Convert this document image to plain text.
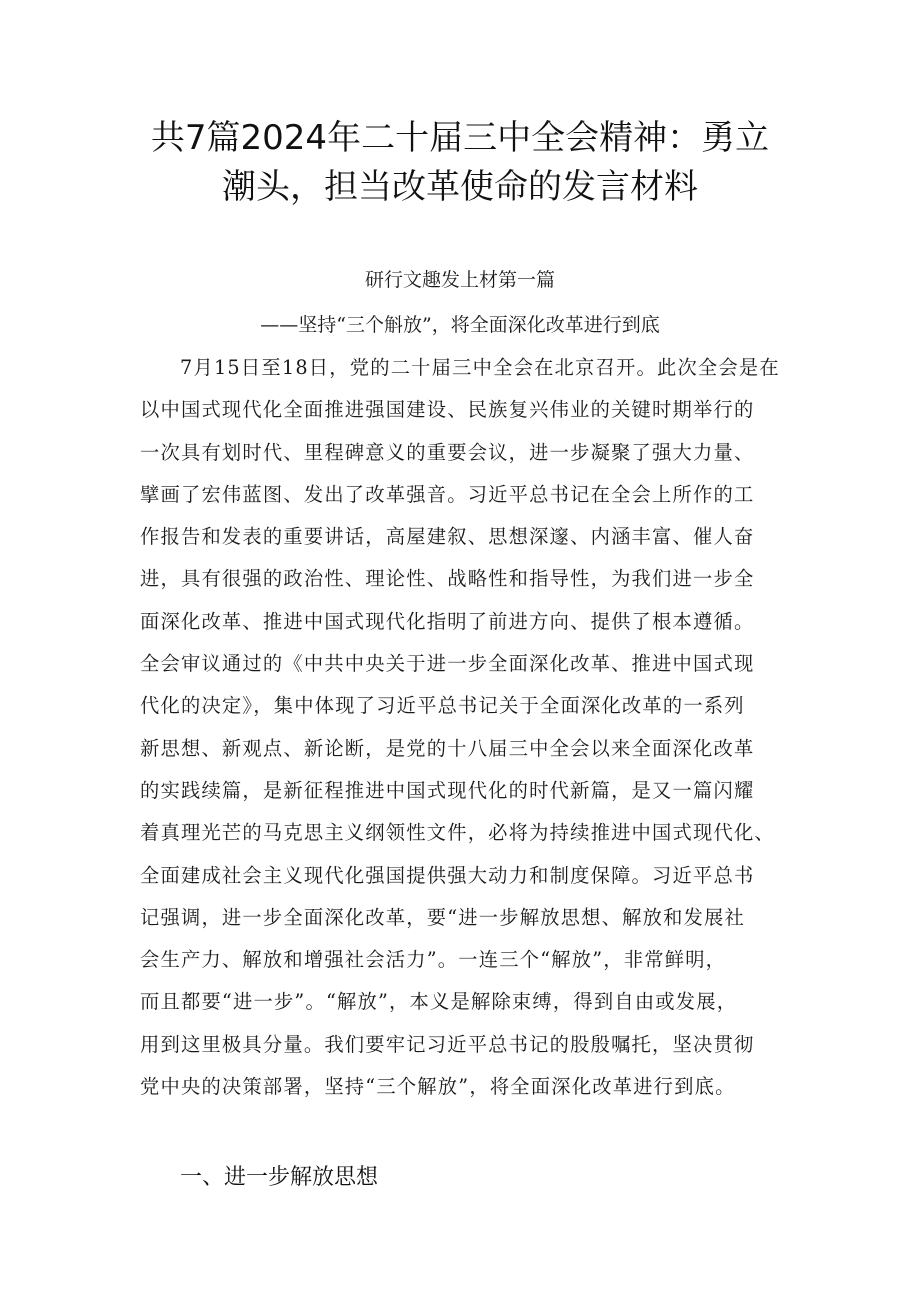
共7篇2024年二十届三中全会精神：勇立
潮头，担当改革使命的发言材料

研行文趣发上材第一篇

——坚持“三个斛放”，将全面深化改革进行到底

7月15日至18日，党的二十届三中全会在北京召开。此次全会是在
以中国式现代化全面推进强国建设、民族复兴伟业的关键时期举行的
一次具有划时代、里程碑意义的重要会议，进一步凝聚了强大力量、
擘画了宏伟蓝图、发出了改革强音。习近平总书记在全会上所作的工
作报告和发表的重要讲话，高屋建叙、思想深邃、内涵丰富、催人奋
进，具有很强的政治性、理论性、战略性和指导性，为我们进一步全
面深化改革、推进中国式现代化指明了前进方向、提供了根本遵循。
全会审议通过的《中共中央关于进一步全面深化改革、推进中国式现
代化的决定》，集中体现了习近平总书记关于全面深化改革的一系列
新思想、新观点、新论断，是党的十八届三中全会以来全面深化改革
的实践续篇，是新征程推进中国式现代化的时代新篇，是又一篇闪耀
着真理光芒的马克思主义纲领性文件，必将为持续推进中国式现代化、
全面建成社会主义现代化强国提供强大动力和制度保障。习近平总书
记强调，进一步全面深化改革，要“进一步解放思想、解放和发展社
会生产力、解放和增强社会活力”。一连三个“解放”，非常鲜明，
而且都要“进一步”。“解放”，本义是解除束缚，得到自由或发展，
用到这里极具分量。我们要牢记习近平总书记的股殷嘱托，坚决贯彻
党中央的决策部署，坚持“三个解放”，将全面深化改革进行到底。
一、进一步解放思想
